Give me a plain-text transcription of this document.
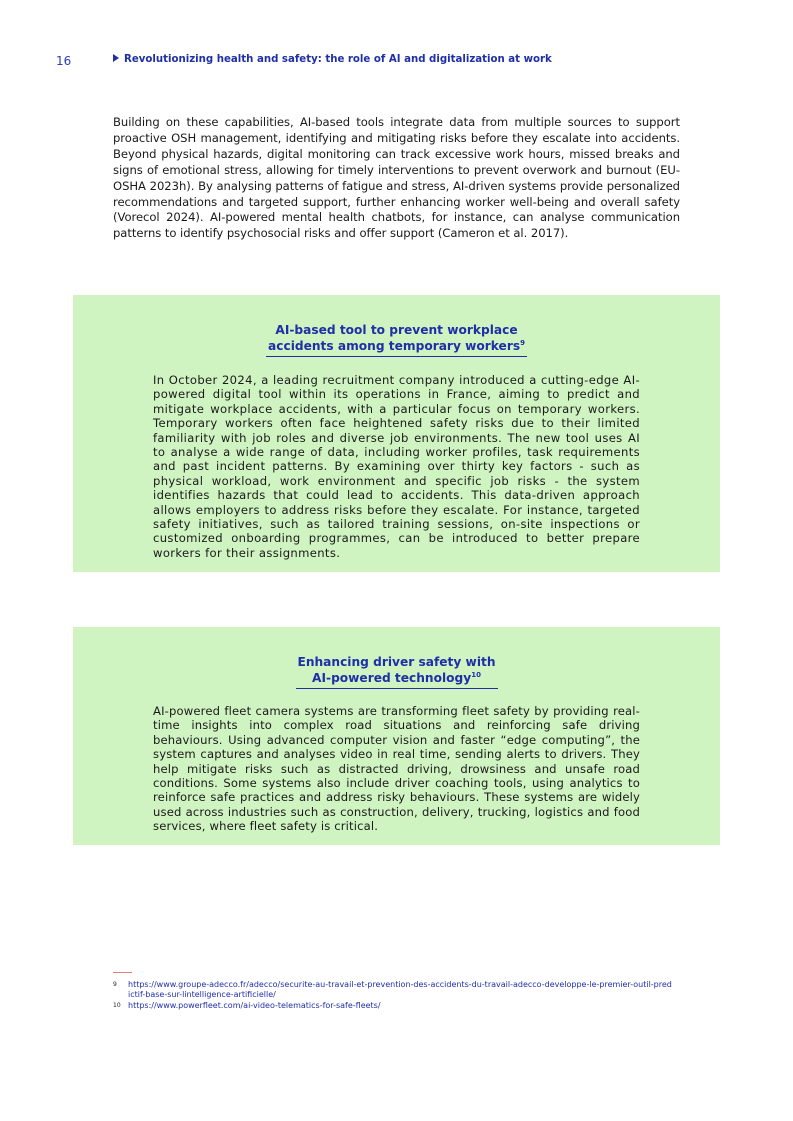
16	Revolutionizing health and safety: the role of AI and digitalization at work

Building on these capabilities, AI-based tools integrate data from multiple sources to support proactive OSH management, identifying and mitigating risks before they escalate into accidents. Beyond physical hazards, digital monitoring can track excessive work hours, missed breaks and signs of emotional stress, allowing for timely interventions to prevent overwork and burnout (EU-OSHA 2023h). By analysing patterns of fatigue and stress, AI-driven systems provide personalized recommendations and targeted support, further enhancing worker well-being and overall safety (Vorecol 2024). AI-powered mental health chatbots, for instance, can analyse communication patterns to identify psychosocial risks and offer support (Cameron et al. 2017).

AI-based tool to prevent workplace
accidents among temporary workers$^9$

In October 2024, a leading recruitment company introduced a cutting-edge AI-powered digital tool within its operations in France, aiming to predict and mitigate workplace accidents, with a particular focus on temporary workers. Temporary workers often face heightened safety risks due to their limited familiarity with job roles and diverse job environments. The new tool uses AI to analyse a wide range of data, including worker profiles, task requirements and past incident patterns. By examining over thirty key factors - such as physical workload, work environment and specific job risks - the system identifies hazards that could lead to accidents. This data-driven approach allows employers to address risks before they escalate. For instance, targeted safety initiatives, such as tailored training sessions, on-site inspections or customized onboarding programmes, can be introduced to better prepare workers for their assignments.

Enhancing driver safety with
AI-powered technology$^{10}$

AI-powered fleet camera systems are transforming fleet safety by providing real-time insights into complex road situations and reinforcing safe driving behaviours. Using advanced computer vision and faster “edge computing”, the system captures and analyses video in real time, sending alerts to drivers. They help mitigate risks such as distracted driving, drowsiness and unsafe road conditions. Some systems also include driver coaching tools, using analytics to reinforce safe practices and address risky behaviours. These systems are widely used across industries such as construction, delivery, trucking, logistics and food services, where fleet safety is critical.

9	https://www.groupe-adecco.fr/adecco/securite-au-travail-et-prevention-des-accidents-du-travail-adecco-developpe-le-premier-outil-predictif-base-sur-lintelligence-artificielle/
10 https://www.powerfleet.com/ai-video-telematics-for-safe-fleets/
